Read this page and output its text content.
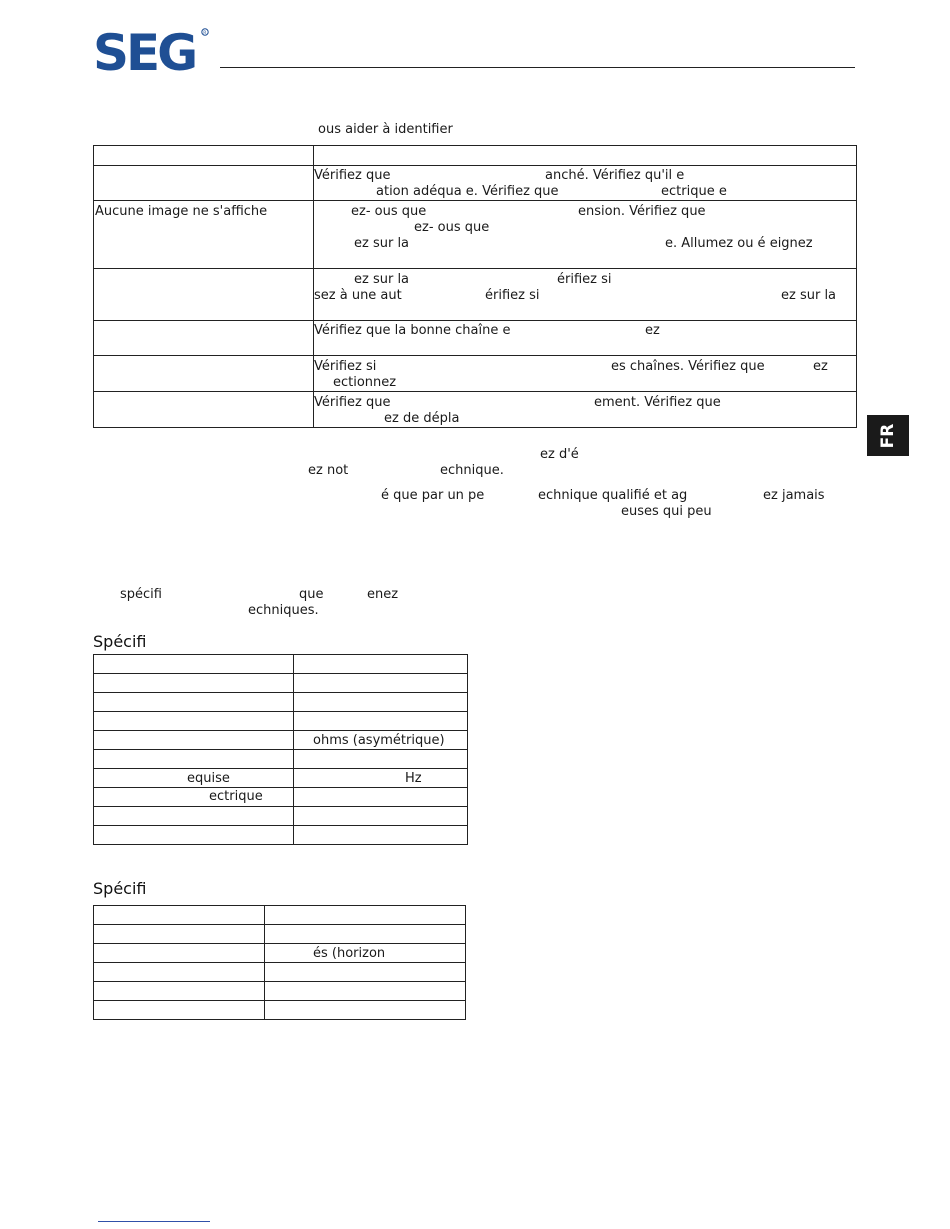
SEG R
ous aider à identifier

	Vérifiez que anché. Vérifiez qu'il e
ation adéqua e. Vérifiez que ectrique e

Aucune image ne s'affiche	ez- ous que ension. Vérifiez que
ez- ous que
ez sur la e. Allumez ou é eignez

	ez sur la érifiez si
sez à une aut érifiez si ez sur la

	Vérifiez que la bonne chaîne e ez

	Vérifiez si es chaînes. Vérifiez que ez
ectionnez

	Vérifiez que ement. Vérifiez que
ez de dépla
ez d'é
ez not	echnique.
é que par un pe	echnique qualifié et ag	ez jamais
euses qui peu
spécifi	que	enez
echniques.
Spécifi

	ohms (asymétrique)

equise	Hz

ectrique	

Spécifi

	és (horizon

FR
